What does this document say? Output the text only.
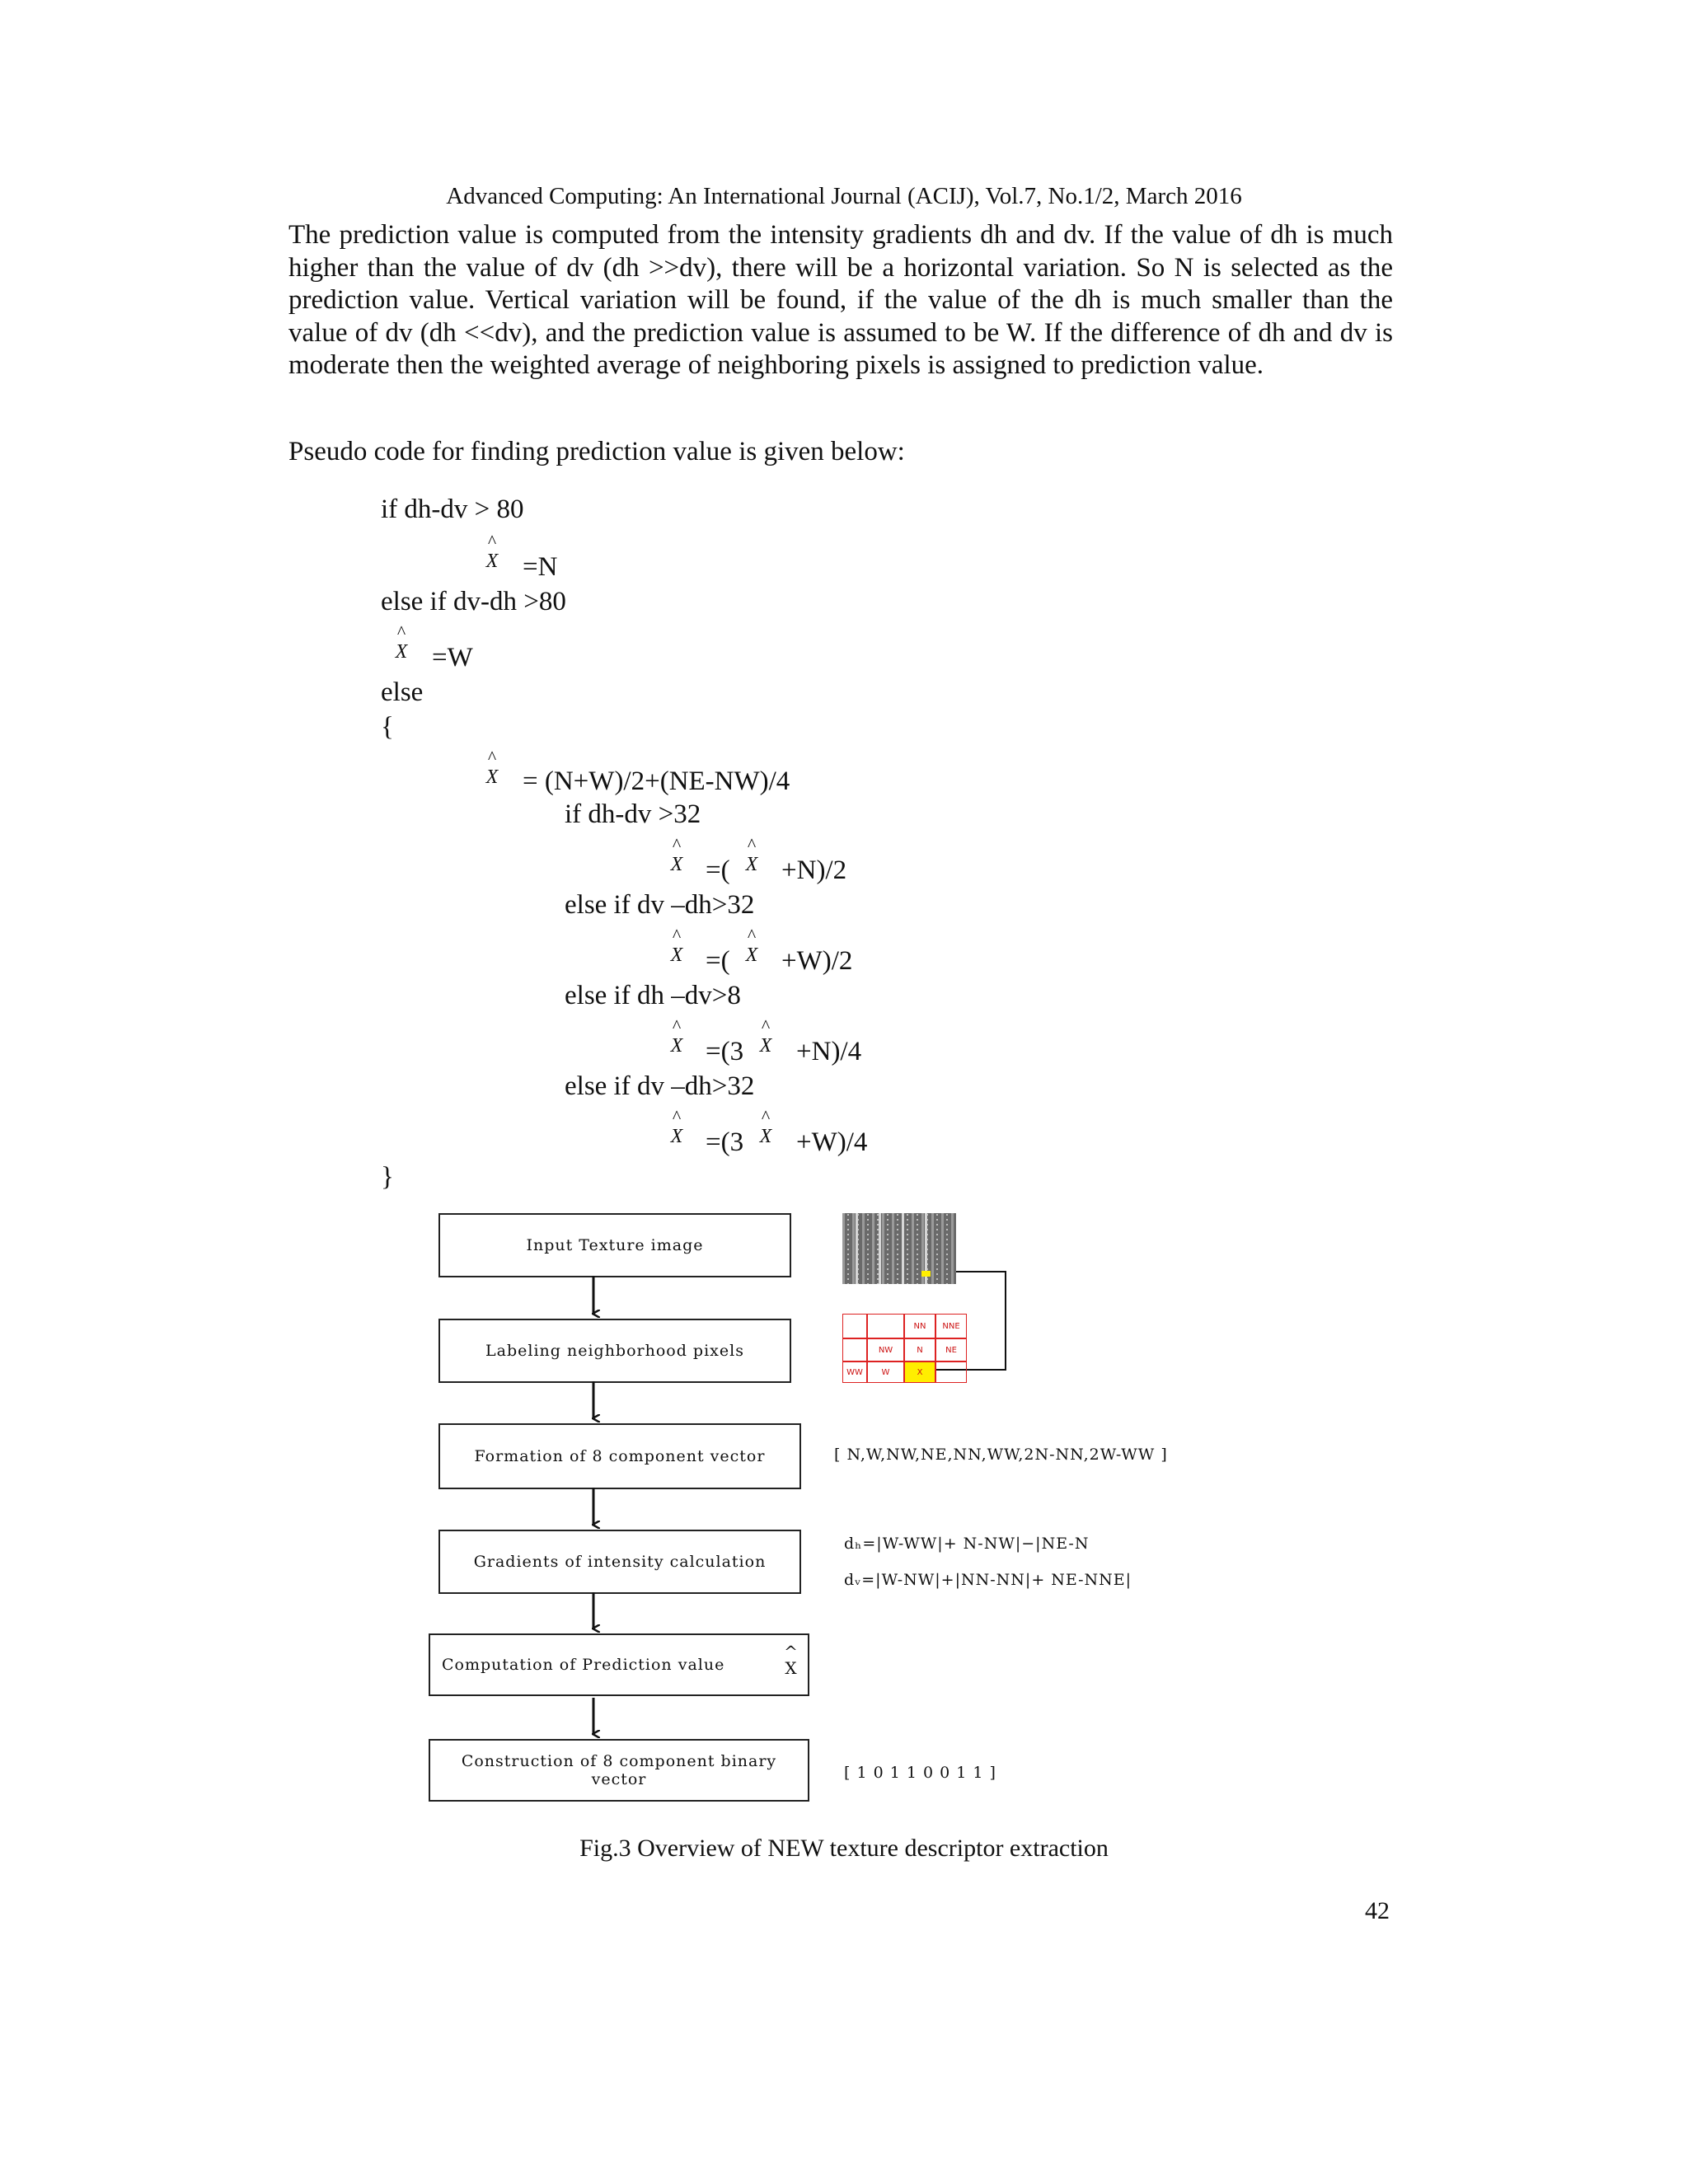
Advanced Computing: An International Journal (ACIJ), Vol.7, No.1/2, March 2016
The prediction value is computed from the intensity gradients dh and dv. If the value of dh is much higher than the value of dv (dh >>dv), there will be a horizontal variation. So N is selected as the prediction value. Vertical variation will be found, if the value of the dh is much smaller than the value of dv (dh <<dv), and the prediction value is assumed to be W. If the difference of dh and dv is moderate then the weighted average of neighboring pixels is assigned to prediction value.
Pseudo code for finding prediction value is given below:
if dh-dv > 80
^
X =N
else if dv-dh >80
^
X =W
else
{
^
X = (N+W)/2+(NE-NW)/4
if dh-dv >32
^
X =(
^
X +N)/2
else if dv –dh>32
^
X =(
^
X +W)/2
else if dh –dv>8
^
X =(3
^
X +N)/4
else if dv –dh>32
^
X =(3
^
X +W)/4
}
Input Texture image
Labeling neighborhood pixels
Formation of 8 component vector
Gradients of intensity calculation
Computation of Prediction value
^
X
Construction of 8 component binary vector
NN	NNE
NW	N	NE
WW	W	X
[ N,W,NW,NE,NN,WW,2N-NN,2W-WW ]
dₕ=|W-WW|+ N-NW|−|NE-N
dᵥ=|W-NW|+|NN-NN|+ NE-NNE|
[ 1 0 1 1 0 0 1 1 ]
Fig.3 Overview of NEW texture descriptor extraction
42
